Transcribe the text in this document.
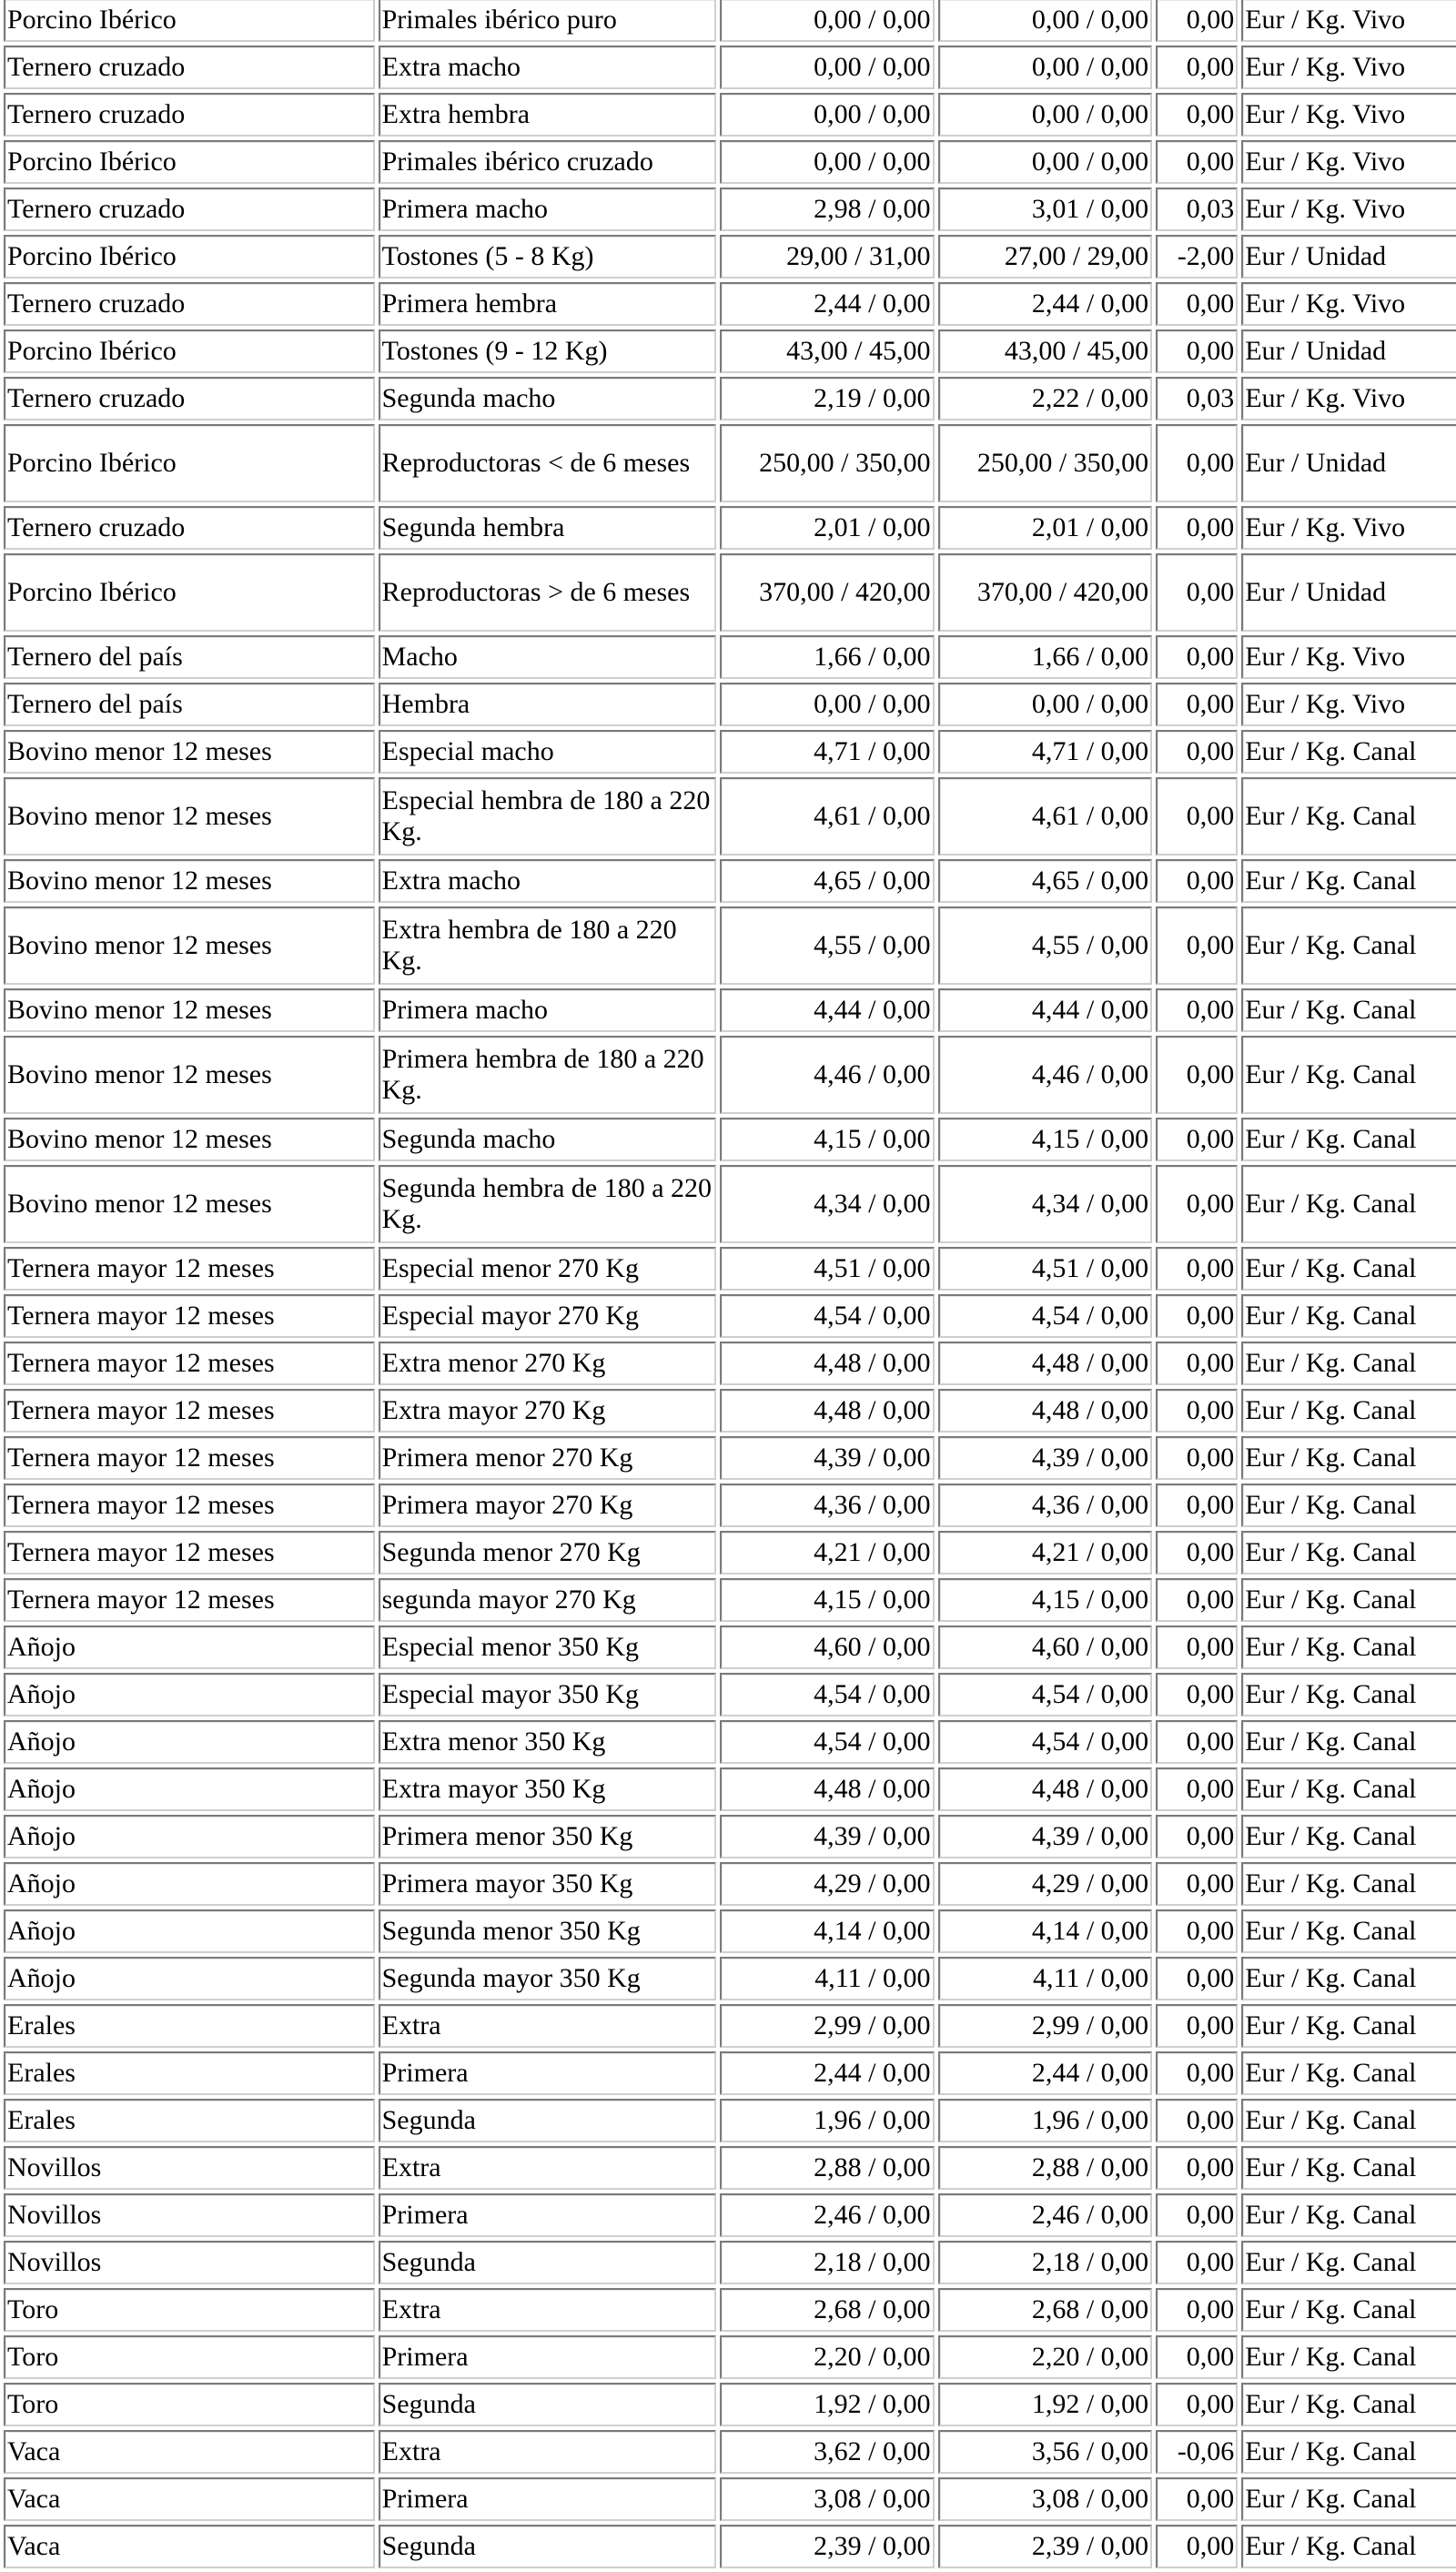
Porcino Ibérico	Primales ibérico puro	0,00 / 0,00	0,00 / 0,00	0,00	Eur / Kg. Vivo
Ternero cruzado	Extra macho	0,00 / 0,00	0,00 / 0,00	0,00	Eur / Kg. Vivo
Ternero cruzado	Extra hembra	0,00 / 0,00	0,00 / 0,00	0,00	Eur / Kg. Vivo
Porcino Ibérico	Primales ibérico cruzado	0,00 / 0,00	0,00 / 0,00	0,00	Eur / Kg. Vivo
Ternero cruzado	Primera macho	2,98 / 0,00	3,01 / 0,00	0,03	Eur / Kg. Vivo
Porcino Ibérico	Tostones (5 - 8 Kg)	29,00 / 31,00	27,00 / 29,00	-2,00	Eur / Unidad
Ternero cruzado	Primera hembra	2,44 / 0,00	2,44 / 0,00	0,00	Eur / Kg. Vivo
Porcino Ibérico	Tostones (9 - 12 Kg)	43,00 / 45,00	43,00 / 45,00	0,00	Eur / Unidad
Ternero cruzado	Segunda macho	2,19 / 0,00	2,22 / 0,00	0,03	Eur / Kg. Vivo
Porcino Ibérico	Reproductoras < de 6 meses	250,00 / 350,00	250,00 / 350,00	0,00	Eur / Unidad
Ternero cruzado	Segunda hembra	2,01 / 0,00	2,01 / 0,00	0,00	Eur / Kg. Vivo
Porcino Ibérico	Reproductoras > de 6 meses	370,00 / 420,00	370,00 / 420,00	0,00	Eur / Unidad
Ternero del país	Macho	1,66 / 0,00	1,66 / 0,00	0,00	Eur / Kg. Vivo
Ternero del país	Hembra	0,00 / 0,00	0,00 / 0,00	0,00	Eur / Kg. Vivo
Bovino menor 12 meses	Especial macho	4,71 / 0,00	4,71 / 0,00	0,00	Eur / Kg. Canal
Bovino menor 12 meses	Especial hembra de 180 a 220 Kg.	4,61 / 0,00	4,61 / 0,00	0,00	Eur / Kg. Canal
Bovino menor 12 meses	Extra macho	4,65 / 0,00	4,65 / 0,00	0,00	Eur / Kg. Canal
Bovino menor 12 meses	Extra hembra de 180 a 220 Kg.	4,55 / 0,00	4,55 / 0,00	0,00	Eur / Kg. Canal
Bovino menor 12 meses	Primera macho	4,44 / 0,00	4,44 / 0,00	0,00	Eur / Kg. Canal
Bovino menor 12 meses	Primera hembra de 180 a 220 Kg.	4,46 / 0,00	4,46 / 0,00	0,00	Eur / Kg. Canal
Bovino menor 12 meses	Segunda macho	4,15 / 0,00	4,15 / 0,00	0,00	Eur / Kg. Canal
Bovino menor 12 meses	Segunda hembra de 180 a 220 Kg.	4,34 / 0,00	4,34 / 0,00	0,00	Eur / Kg. Canal
Ternera mayor 12 meses	Especial menor 270 Kg	4,51 / 0,00	4,51 / 0,00	0,00	Eur / Kg. Canal
Ternera mayor 12 meses	Especial mayor 270 Kg	4,54 / 0,00	4,54 / 0,00	0,00	Eur / Kg. Canal
Ternera mayor 12 meses	Extra menor 270 Kg	4,48 / 0,00	4,48 / 0,00	0,00	Eur / Kg. Canal
Ternera mayor 12 meses	Extra mayor 270 Kg	4,48 / 0,00	4,48 / 0,00	0,00	Eur / Kg. Canal
Ternera mayor 12 meses	Primera menor 270 Kg	4,39 / 0,00	4,39 / 0,00	0,00	Eur / Kg. Canal
Ternera mayor 12 meses	Primera mayor 270 Kg	4,36 / 0,00	4,36 / 0,00	0,00	Eur / Kg. Canal
Ternera mayor 12 meses	Segunda menor 270 Kg	4,21 / 0,00	4,21 / 0,00	0,00	Eur / Kg. Canal
Ternera mayor 12 meses	segunda mayor 270 Kg	4,15 / 0,00	4,15 / 0,00	0,00	Eur / Kg. Canal
Añojo	Especial menor 350 Kg	4,60 / 0,00	4,60 / 0,00	0,00	Eur / Kg. Canal
Añojo	Especial mayor 350 Kg	4,54 / 0,00	4,54 / 0,00	0,00	Eur / Kg. Canal
Añojo	Extra menor 350 Kg	4,54 / 0,00	4,54 / 0,00	0,00	Eur / Kg. Canal
Añojo	Extra mayor 350 Kg	4,48 / 0,00	4,48 / 0,00	0,00	Eur / Kg. Canal
Añojo	Primera menor 350 Kg	4,39 / 0,00	4,39 / 0,00	0,00	Eur / Kg. Canal
Añojo	Primera mayor 350 Kg	4,29 / 0,00	4,29 / 0,00	0,00	Eur / Kg. Canal
Añojo	Segunda menor 350 Kg	4,14 / 0,00	4,14 / 0,00	0,00	Eur / Kg. Canal
Añojo	Segunda mayor 350 Kg	4,11 / 0,00	4,11 / 0,00	0,00	Eur / Kg. Canal
Erales	Extra	2,99 / 0,00	2,99 / 0,00	0,00	Eur / Kg. Canal
Erales	Primera	2,44 / 0,00	2,44 / 0,00	0,00	Eur / Kg. Canal
Erales	Segunda	1,96 / 0,00	1,96 / 0,00	0,00	Eur / Kg. Canal
Novillos	Extra	2,88 / 0,00	2,88 / 0,00	0,00	Eur / Kg. Canal
Novillos	Primera	2,46 / 0,00	2,46 / 0,00	0,00	Eur / Kg. Canal
Novillos	Segunda	2,18 / 0,00	2,18 / 0,00	0,00	Eur / Kg. Canal
Toro	Extra	2,68 / 0,00	2,68 / 0,00	0,00	Eur / Kg. Canal
Toro	Primera	2,20 / 0,00	2,20 / 0,00	0,00	Eur / Kg. Canal
Toro	Segunda	1,92 / 0,00	1,92 / 0,00	0,00	Eur / Kg. Canal
Vaca	Extra	3,62 / 0,00	3,56 / 0,00	-0,06	Eur / Kg. Canal
Vaca	Primera	3,08 / 0,00	3,08 / 0,00	0,00	Eur / Kg. Canal
Vaca	Segunda	2,39 / 0,00	2,39 / 0,00	0,00	Eur / Kg. Canal
